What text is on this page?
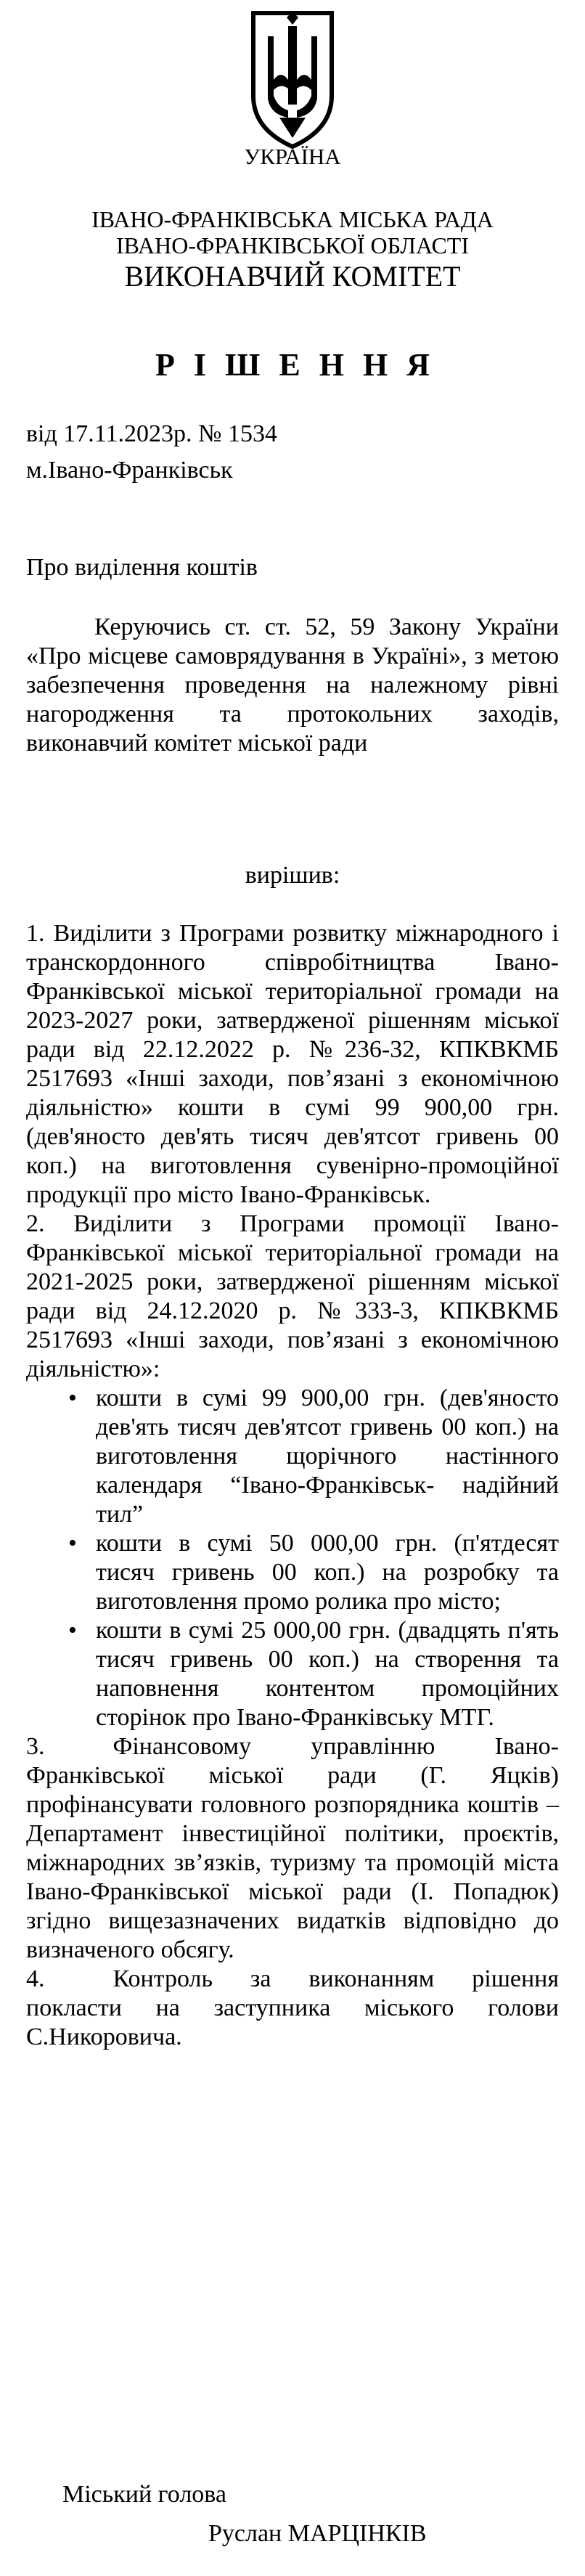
УКРАЇНА
ІВАНО-ФРАНКІВСЬКА МІСЬКА РАДА
ІВАНО-ФРАНКІВСЬКОЇ ОБЛАСТІ
ВИКОНАВЧИЙ КОМІТЕТ
РІШЕННЯ
від 17.11.2023р. № 1534
м.Івано-Франківськ
Про виділення коштів

Керуючись ст. ст. 52, 59 Закону України «Про місцеве самоврядування в Україні», з метою забезпечення проведення на належному рівні нагородження та протокольних заходів, виконавчий комітет міської ради

вирішив:

1. Виділити з Програми розвитку міжнародного і транскордонного співробітництва Івано-Франківської міської територіальної громади на 2023-2027 роки, затвердженої рішенням міської ради від 22.12.2022 р. №236-32, КПКВКМБ 2517693 «Інші заходи, пов’язані з економічною діяльністю» кошти в сумі 99 900,00 грн. (дев'яносто дев'ять тисяч дев'ятсот гривень 00 коп.) на виготовлення сувенірно-промоційної продукції про місто Івано-Франківськ.

2. Виділити з Програми промоції Івано-Франківської міської територіальної громади на 2021-2025 роки, затвердженої рішенням міської ради від 24.12.2020 р. №333-3, КПКВКМБ 2517693 «Інші заходи, пов’язані з економічною діяльністю»:

• кошти в сумі 99 900,00 грн. (дев'яносто дев'ять тисяч дев'ятсот гривень 00 коп.) на виготовлення щорічного настінного календаря “Івано-Франківськ- надійний тил”
• кошти в сумі 50 000,00 грн. (п'ятдесят тисяч гривень 00 коп.) на розробку та виготовлення промо ролика про місто;
• кошти в сумі 25 000,00 грн. (двадцять п'ять тисяч гривень 00 коп.) на створення та наповнення контентом промоційних сторінок про Івано-Франківську МТГ.

3.	Фінансовому управлінню Івано-Франківської міської ради (Г. Яцків) профінансувати головного розпорядника коштів – Департамент інвестиційної політики, проєктів, міжнародних зв’язків, туризму та промоцій міста Івано-Франківської міської ради (І. Попадюк) згідно вищезазначених видатків відповідно до визначеного обсягу.

4.	Контроль за виконанням рішення покласти на заступника міського голови С.Никоровича.

Міський голова
Руслан МАРЦІНКІВ
